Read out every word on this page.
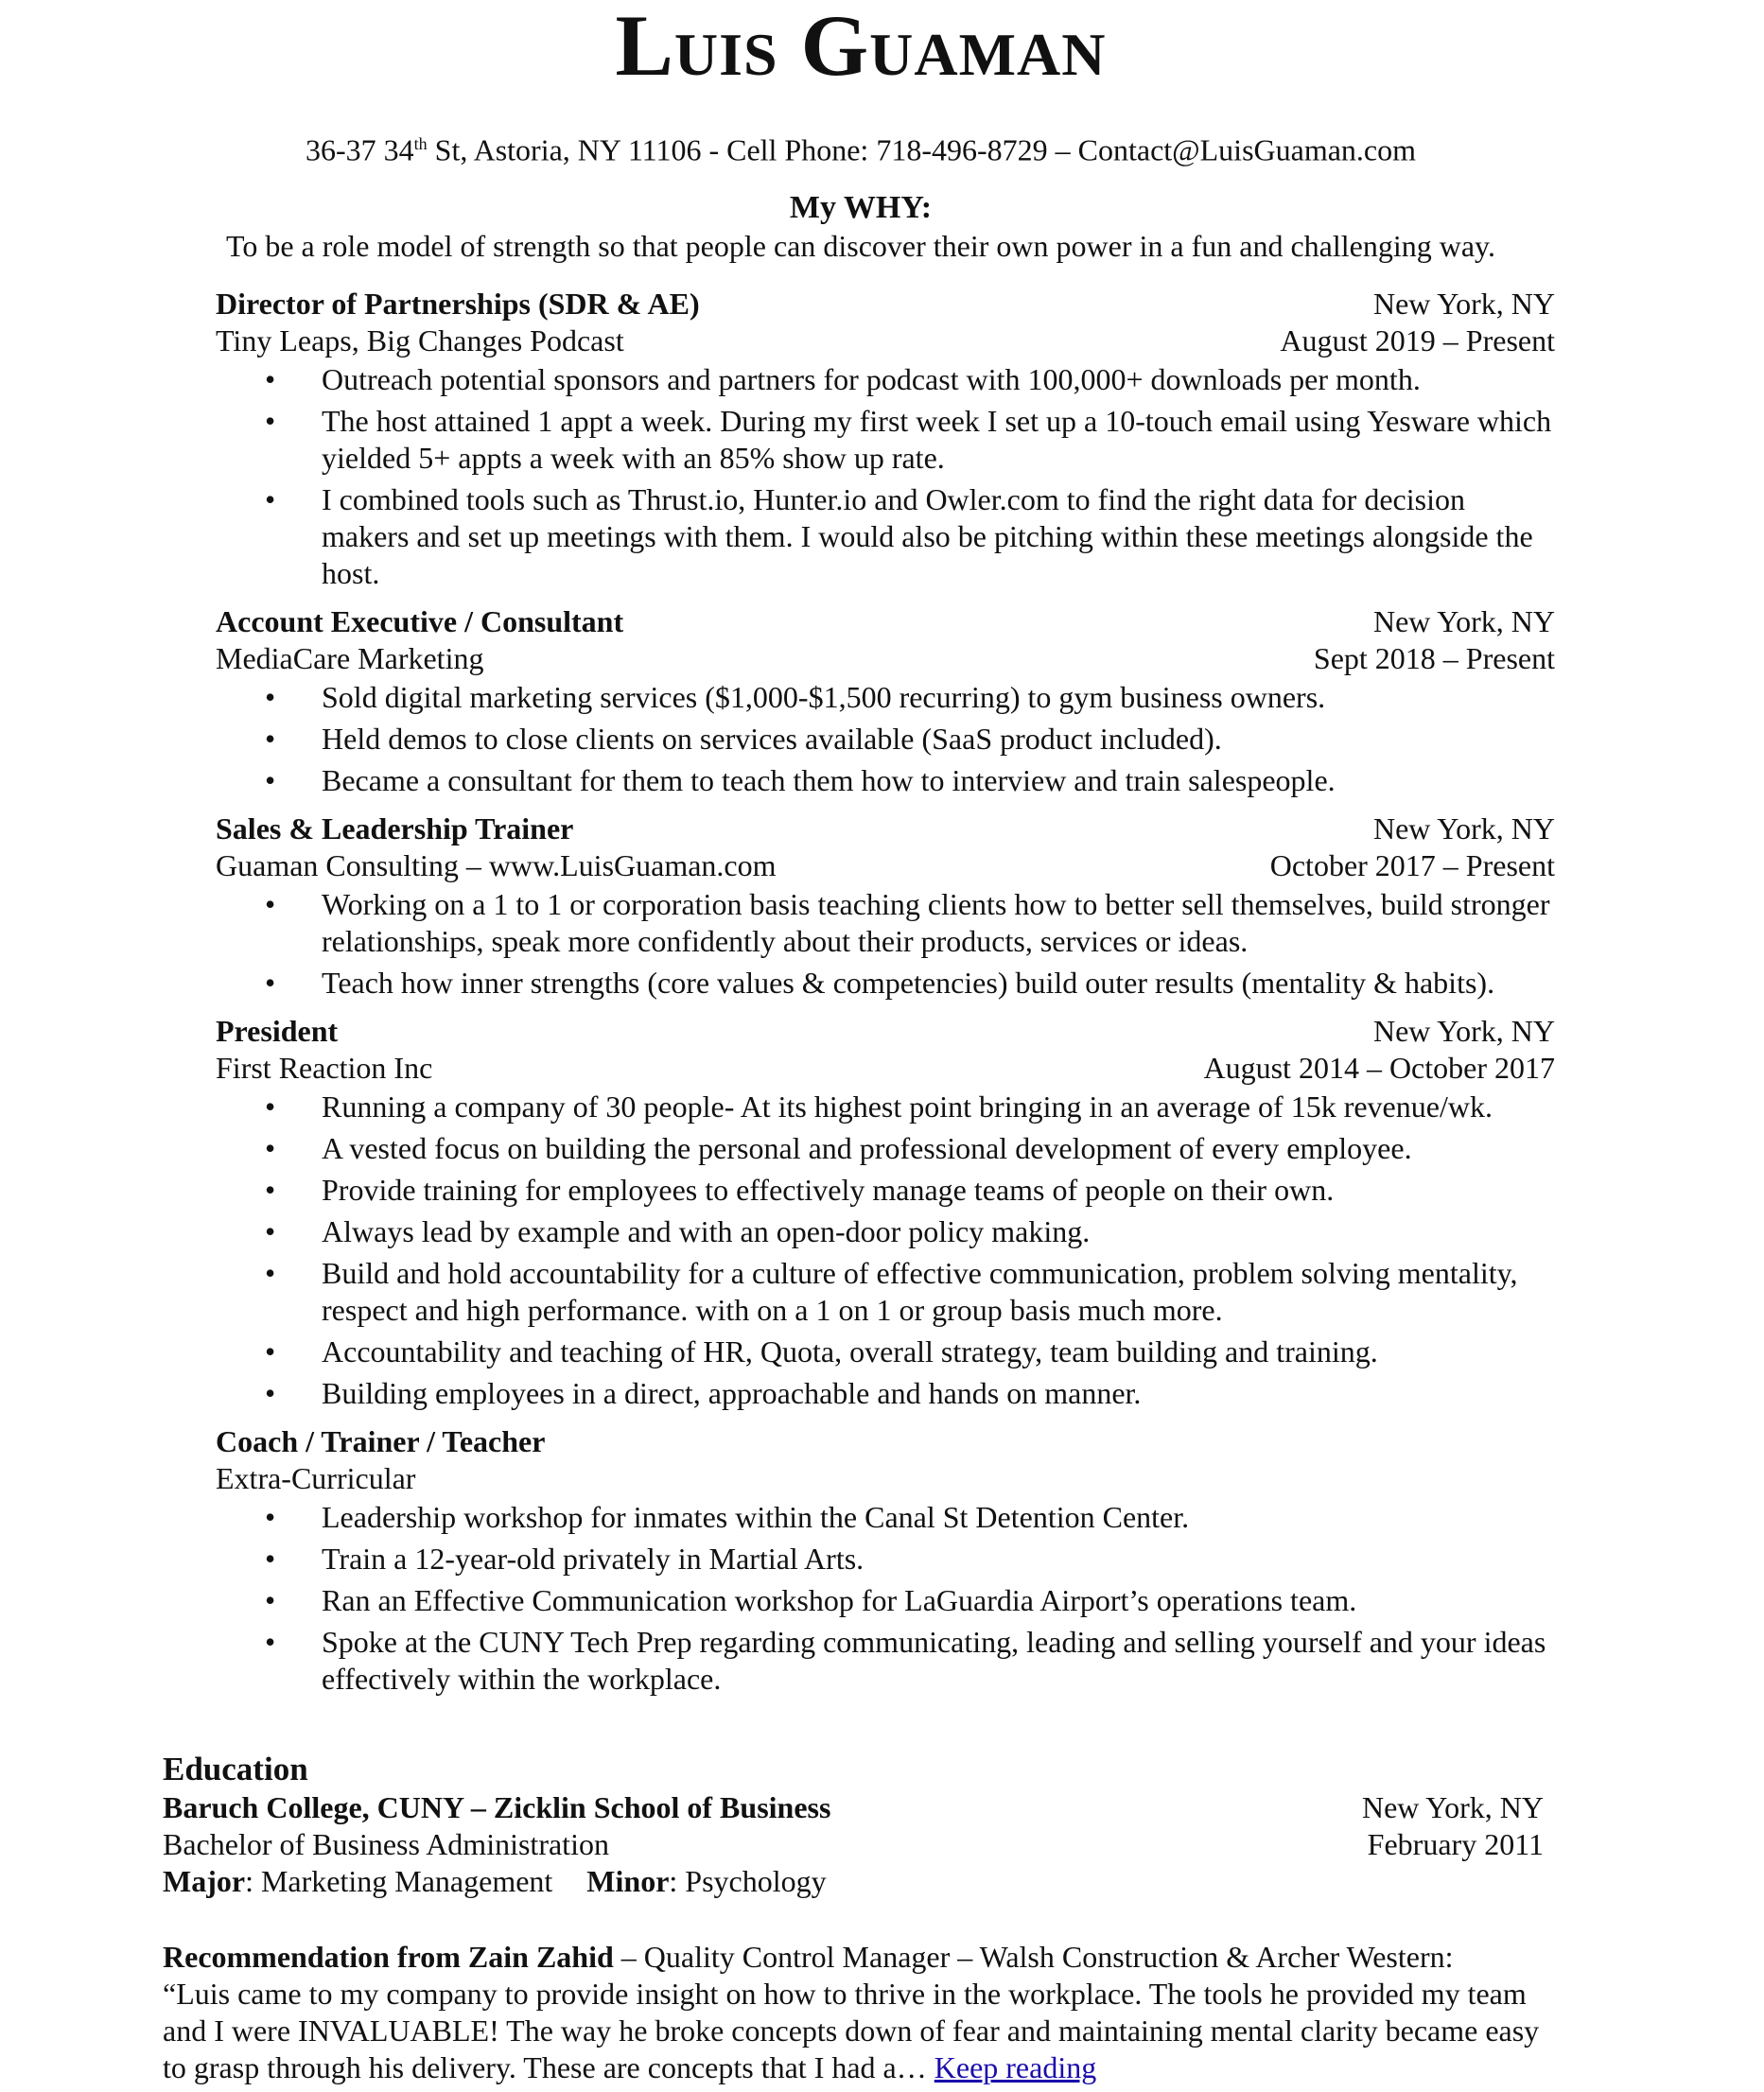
Luis Guaman
36-37 34th St, Astoria, NY 11106 - Cell Phone: 718-496-8729 – Contact@LuisGuaman.com
My WHY:
To be a role model of strength so that people can discover their own power in a fun and challenging way.
Director of Partnerships (SDR & AE)	New York, NY
Tiny Leaps, Big Changes Podcast	August 2019 – Present
• Outreach potential sponsors and partners for podcast with 100,000+ downloads per month.
• The host attained 1 appt a week. During my first week I set up a 10-touch email using Yesware which yielded 5+ appts a week with an 85% show up rate.
• I combined tools such as Thrust.io, Hunter.io and Owler.com to find the right data for decision makers and set up meetings with them. I would also be pitching within these meetings alongside the host.
Account Executive / Consultant	New York, NY
MediaCare Marketing	Sept 2018 – Present
• Sold digital marketing services ($1,000-$1,500 recurring) to gym business owners.
• Held demos to close clients on services available (SaaS product included).
• Became a consultant for them to teach them how to interview and train salespeople.
Sales & Leadership Trainer	New York, NY
Guaman Consulting – www.LuisGuaman.com	October 2017 – Present
• Working on a 1 to 1 or corporation basis teaching clients how to better sell themselves, build stronger relationships, speak more confidently about their products, services or ideas.
• Teach how inner strengths (core values & competencies) build outer results (mentality & habits).
President	New York, NY
First Reaction Inc	August 2014 – October 2017
• Running a company of 30 people- At its highest point bringing in an average of 15k revenue/wk.
• A vested focus on building the personal and professional development of every employee.
• Provide training for employees to effectively manage teams of people on their own.
• Always lead by example and with an open-door policy making.
• Build and hold accountability for a culture of effective communication, problem solving mentality, respect and high performance. with on a 1 on 1 or group basis much more.
• Accountability and teaching of HR, Quota, overall strategy, team building and training.
• Building employees in a direct, approachable and hands on manner.
Coach / Trainer / Teacher
Extra-Curricular
• Leadership workshop for inmates within the Canal St Detention Center.
• Train a 12-year-old privately in Martial Arts.
• Ran an Effective Communication workshop for LaGuardia Airport’s operations team.
• Spoke at the CUNY Tech Prep regarding communicating, leading and selling yourself and your ideas effectively within the workplace.
Education
Baruch College, CUNY – Zicklin School of Business	New York, NY
Bachelor of Business Administration	February 2011
Major : Marketing Management Minor : Psychology
Recommendation from Zain Zahid – Quality Control Manager – Walsh Construction & Archer Western:
“Luis came to my company to provide insight on how to thrive in the workplace. The tools he provided my team and I were INVALUABLE! The way he broke concepts down of fear and maintaining mental clarity became easy to grasp through his delivery. These are concepts that I had a… Keep reading
